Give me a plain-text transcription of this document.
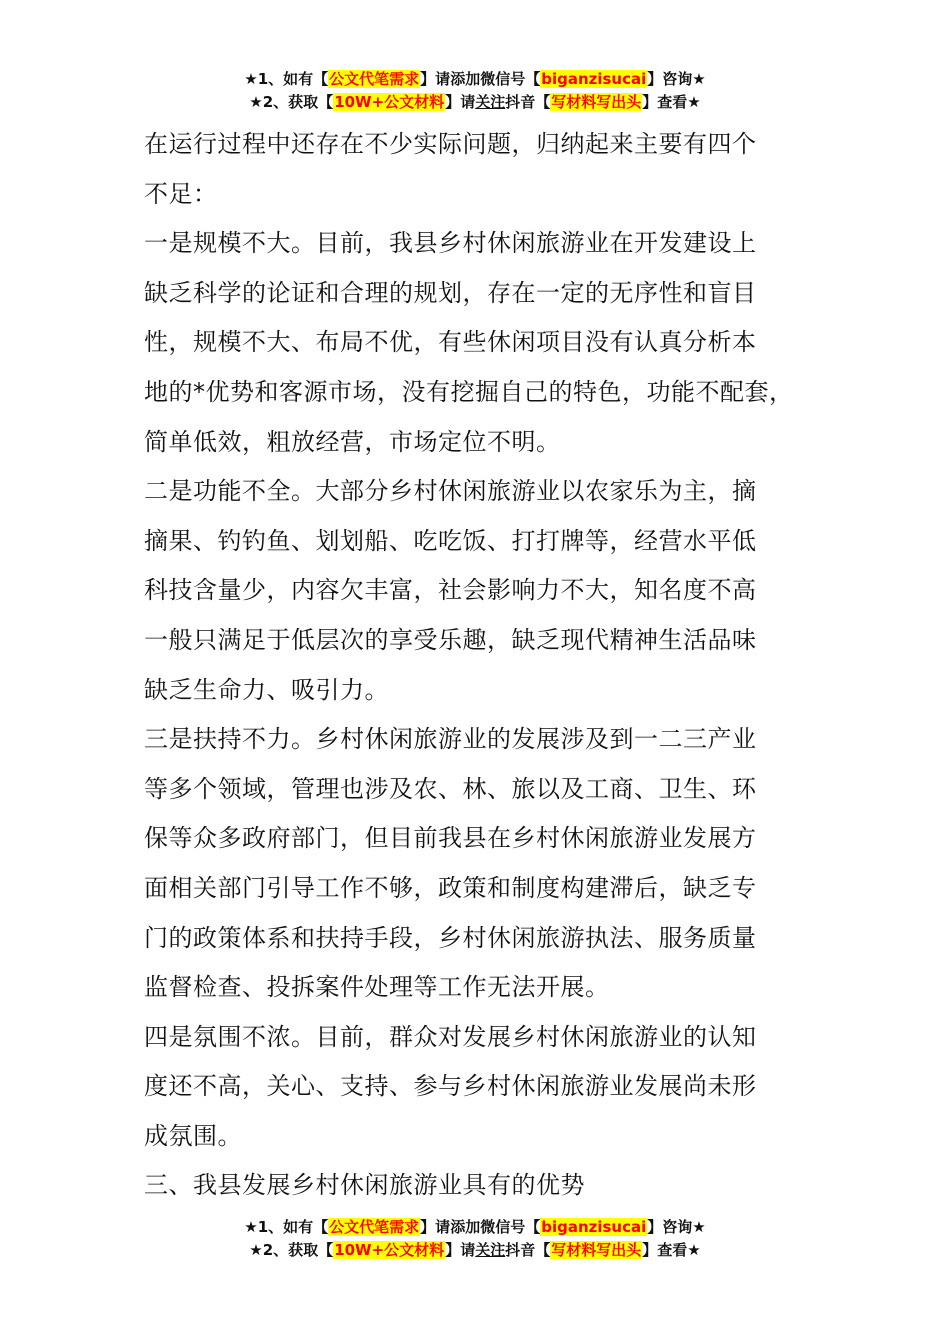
★1、如有【公文代笔需求】请添加微信号【biganzisucai】咨询★
★2、获取【10W+公文材料】请关注抖音【写材料写出头】查看★

在运行过程中还存在不少实际问题，归纳起来主要有四个

不足：

一是规模不大。目前，我县乡村休闲旅游业在开发建设上

缺乏科学的论证和合理的规划，存在一定的无序性和盲目

性，规模不大、布局不优，有些休闲项目没有认真分析本

地的*优势和客源市场，没有挖掘自己的特色，功能不配套，

简单低效，粗放经营，市场定位不明。

二是功能不全。大部分乡村休闲旅游业以农家乐为主，摘

摘果、钓钓鱼、划划船、吃吃饭、打打牌等，经营水平低

科技含量少，内容欠丰富，社会影响力不大，知名度不高

一般只满足于低层次的享受乐趣，缺乏现代精神生活品味

缺乏生命力、吸引力。

三是扶持不力。乡村休闲旅游业的发展涉及到一二三产业

等多个领域，管理也涉及农、林、旅以及工商、卫生、环

保等众多政府部门，但目前我县在乡村休闲旅游业发展方

面相关部门引导工作不够，政策和制度构建滞后，缺乏专

门的政策体系和扶持手段，乡村休闲旅游执法、服务质量

监督检查、投拆案件处理等工作无法开展。

四是氛围不浓。目前，群众对发展乡村休闲旅游业的认知

度还不高，关心、支持、参与乡村休闲旅游业发展尚未形

成氛围。

三、我县发展乡村休闲旅游业具有的优势

★1、如有【公文代笔需求】请添加微信号【biganzisucai】咨询★
★2、获取【10W+公文材料】请关注抖音【写材料写出头】查看★
